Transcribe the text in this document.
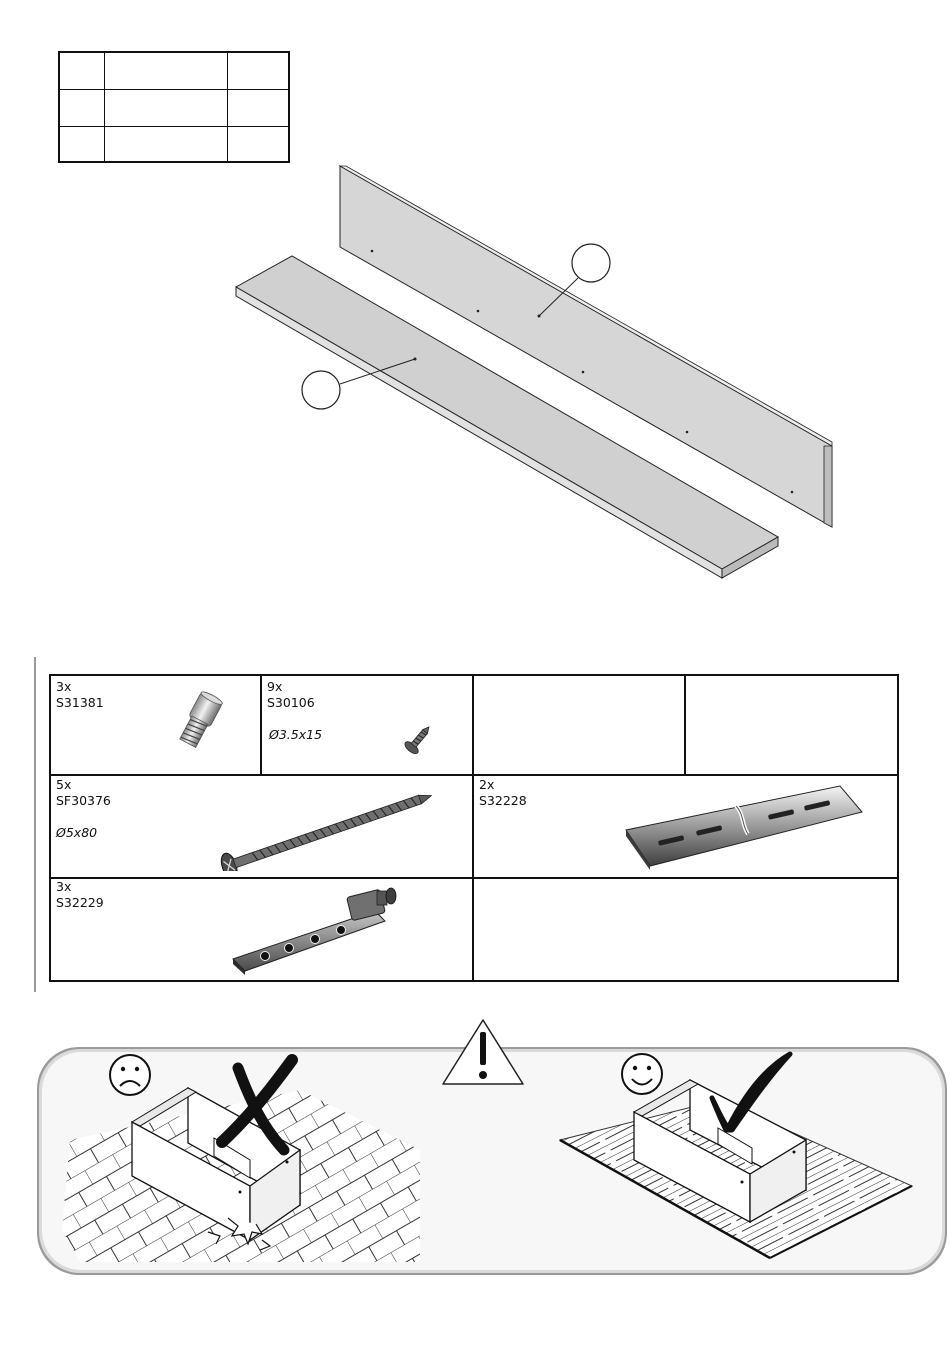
3x
S31381
9x
S30106
Ø3.5x15
5x
SF30376
Ø5x80
2x
S32228
3x
S32229
